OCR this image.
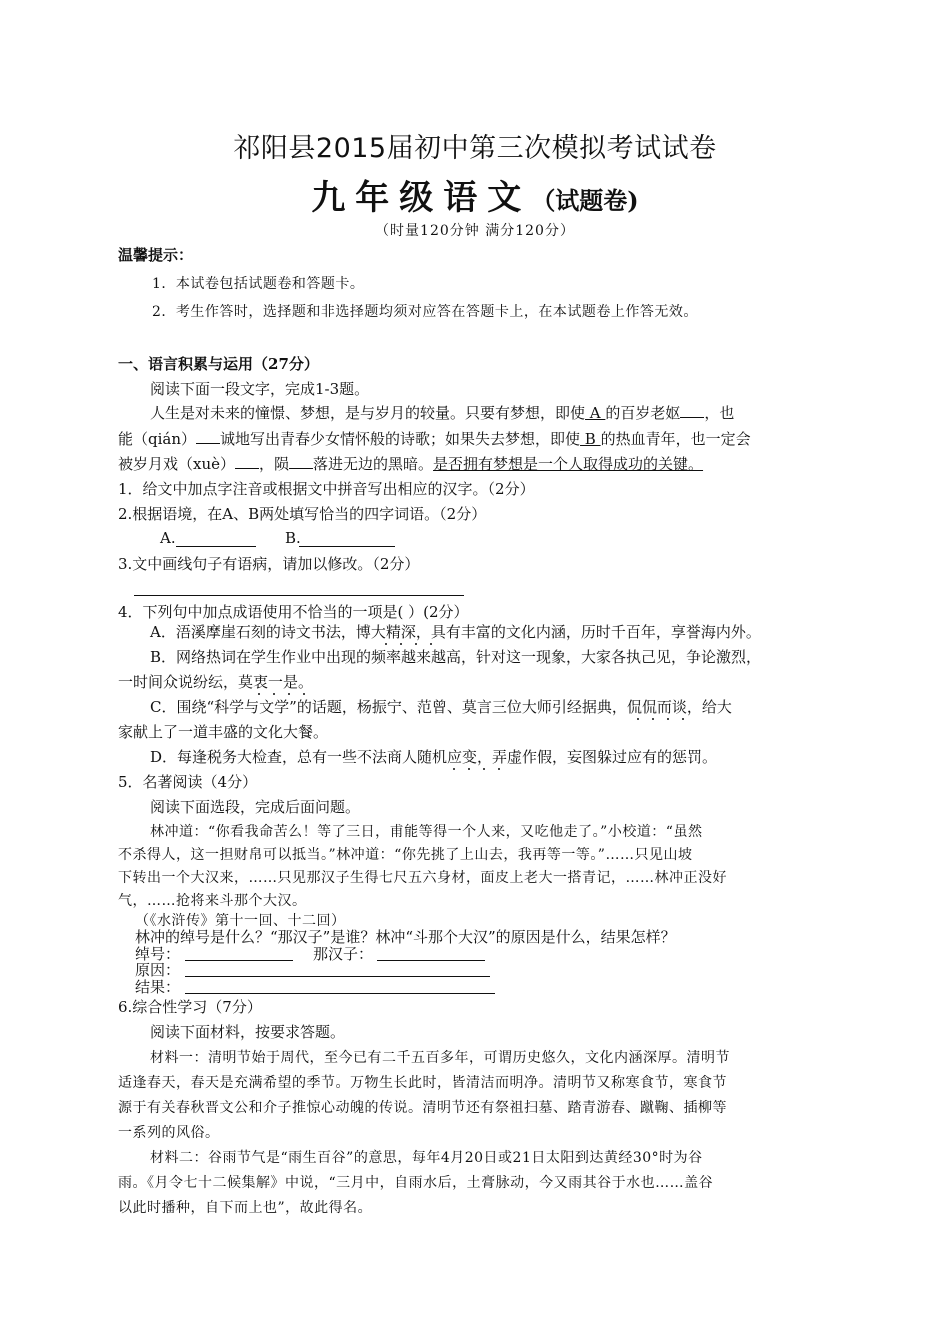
祁阳县2015届初中第三次模拟考试试卷
九年级语文（试题卷)
（时量120分钟 满分120分）
温馨提示：
1．本试卷包括试题卷和答题卡。
2．考生作答时，选择题和非选择题均须对应答在答题卡上，在本试题卷上作答无效。
一、语言积累与运用（27分）
阅读下面一段文字，完成1-3题。
人生是对未来的憧憬、梦想，是与岁月的较量。只要有梦想，即使 A 的百岁老妪 ，也
能（qián） 诚地写出青春少女情怀般的诗歌；如果失去梦想，即使 B 的热血青年，也一定会
被岁月戏（xuè） ，陨 落进无边的黑暗。是否拥有梦想是一个人取得成功的关键。
1．给文中加点字注音或根据文中拼音写出相应的汉字。（2分）
2.根据语境，在A、B两处填写恰当的四字词语。（2分）
A.	B.
3.文中画线句子有语病，请加以修改。（2分）
4．下列句中加点成语使用不恰当的一项是( ）(2分）
A．浯溪摩崖石刻的诗文书法，博大精深，具有丰富的文化内涵，历时千百年，享誉海内外。
B．网络热词在学生作业中出现的频率越来越高，针对这一现象，大家各执己见，争论激烈，
一时间众说纷纭，莫衷一是。
C．围绕“科学与文学”的话题，杨振宁、范曾、莫言三位大师引经据典，侃侃而谈，给大
家献上了一道丰盛的文化大餐。
D．每逢税务大检查，总有一些不法商人随机应变，弄虚作假，妄图躲过应有的惩罚。
5．名著阅读（4分）
阅读下面选段，完成后面问题。
林冲道：“你看我命苦么！等了三日，甫能等得一个人来，又吃他走了。”小校道：“虽然
不杀得人，这一担财帛可以抵当。”林冲道：“你先挑了上山去，我再等一等。”……只见山坡
下转出一个大汉来，……只见那汉子生得七尺五六身材，面皮上老大一搭青记，……林冲正没好
气，……抢将来斗那个大汉。
（《水浒传》第十一回、十二回）
林冲的绰号是什么？“那汉子”是谁？林冲“斗那个大汉”的原因是什么，结果怎样？
绰号：	那汉子：
原因：
结果：
6.综合性学习（7分）
阅读下面材料，按要求答题。
材料一：清明节始于周代，至今已有二千五百多年，可谓历史悠久，文化内涵深厚。清明节
适逢春天，春天是充满希望的季节。万物生长此时，皆清洁而明净。清明节又称寒食节，寒食节
源于有关春秋晋文公和介子推惊心动魄的传说。清明节还有祭祖扫墓、踏青游春、蹴鞠、插柳等
一系列的风俗。
材料二：谷雨节气是“雨生百谷”的意思，每年4月20日或21日太阳到达黄经30°时为谷
雨。《月令七十二候集解》中说，“三月中，自雨水后，土膏脉动，今又雨其谷于水也……盖谷
以此时播种，自下而上也”，故此得名。
